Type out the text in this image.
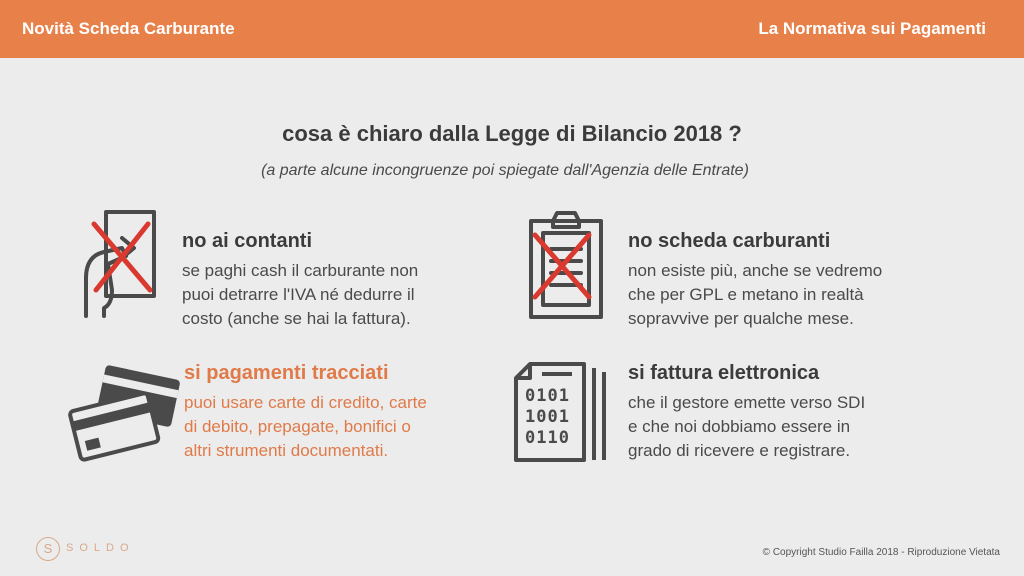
Novità Scheda Carburante	La Normativa sui Pagamenti
cosa è chiaro dalla Legge di Bilancio 2018 ?
(a parte alcune incongruenze poi spiegate dall'Agenzia delle Entrate)
0101
1001
0110
no ai contanti
se paghi cash il carburante non
puoi detrarre l'IVA né dedurre il
costo (anche se hai la fattura).
no scheda carburanti
non esiste più, anche se vedremo
che per GPL e metano in realtà
sopravvive per qualche mese.
si pagamenti tracciati
puoi usare carte di credito, carte
di debito, prepagate, bonifici o
altri strumenti documentati.
si fattura elettronica
che il gestore emette verso SDI
e che noi dobbiamo essere in
grado di ricevere e registrare.
S	SOLDO	© Copyright Studio Failla 2018 - Riproduzione Vietata
